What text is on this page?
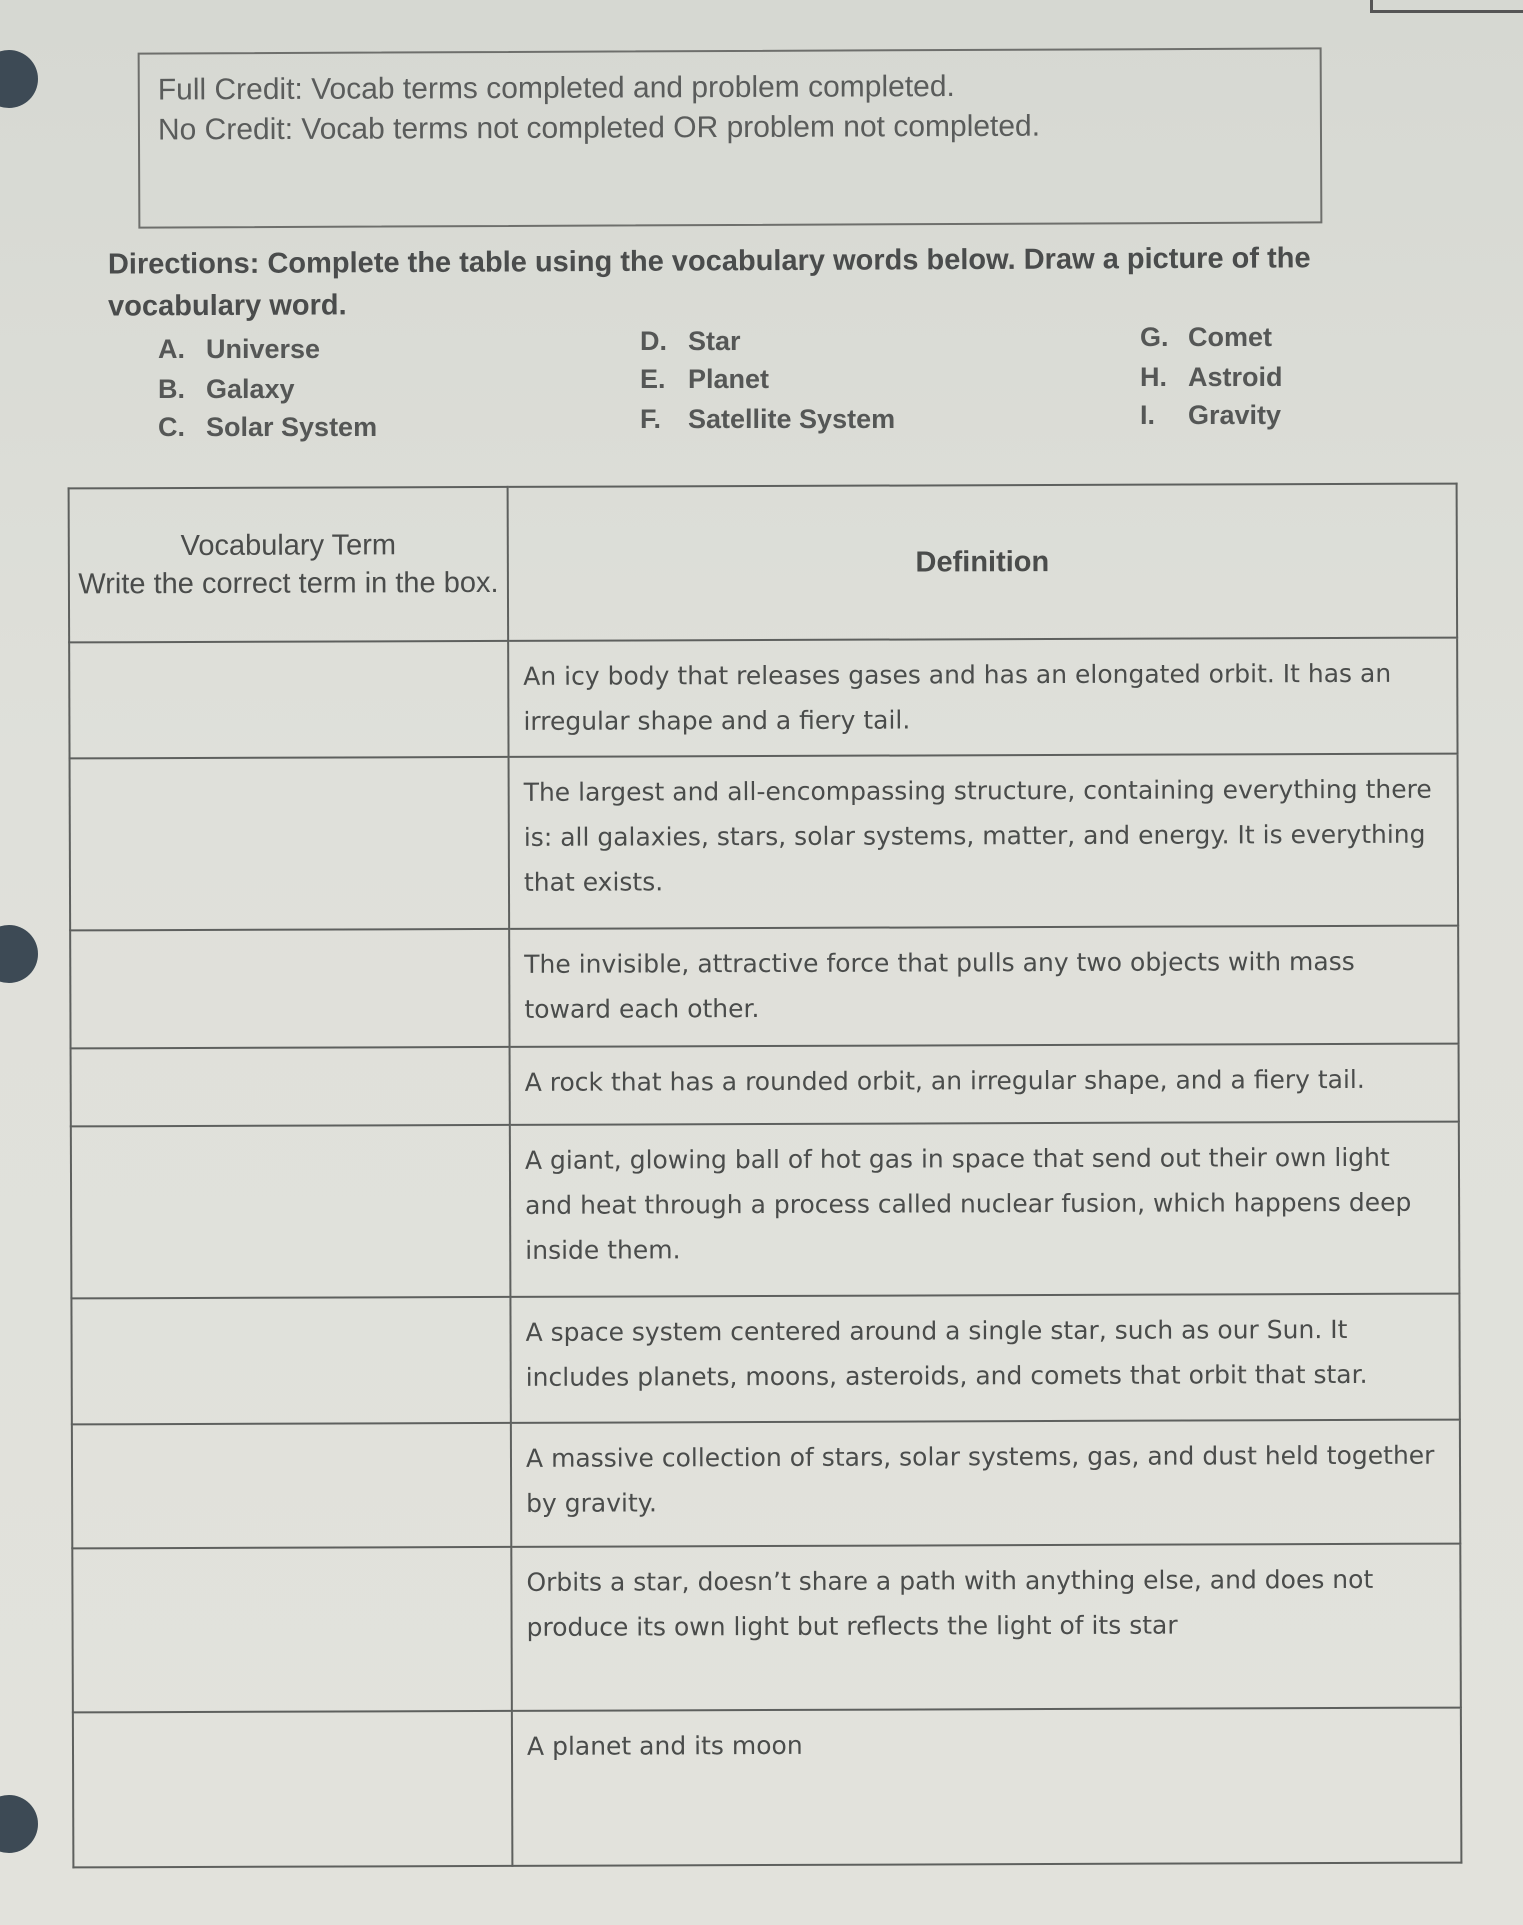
Full Credit: Vocab terms completed and problem completed.
No Credit: Vocab terms not completed OR problem not completed.
Directions: Complete the table using the vocabulary words below. Draw a picture of the vocabulary word.
A. Universe
B. Galaxy
C. Solar System
D. Star
E. Planet
F. Satellite System
G. Comet
H. Astroid
I. Gravity
Vocabulary Term
Write the correct term in the box.	Definition
	An icy body that releases gases and has an elongated orbit. It has an irregular shape and a fiery tail.
	The largest and all-encompassing structure, containing everything there is: all galaxies, stars, solar systems, matter, and energy. It is everything that exists.
	The invisible, attractive force that pulls any two objects with mass toward each other.
	A rock that has a rounded orbit, an irregular shape, and a fiery tail.
	A giant, glowing ball of hot gas in space that send out their own light and heat through a process called nuclear fusion, which happens deep inside them.
	A space system centered around a single star, such as our Sun. It includes planets, moons, asteroids, and comets that orbit that star.
	A massive collection of stars, solar systems, gas, and dust held together by gravity.
	Orbits a star, doesn’t share a path with anything else, and does not produce its own light but reflects the light of its star
	A planet and its moon
